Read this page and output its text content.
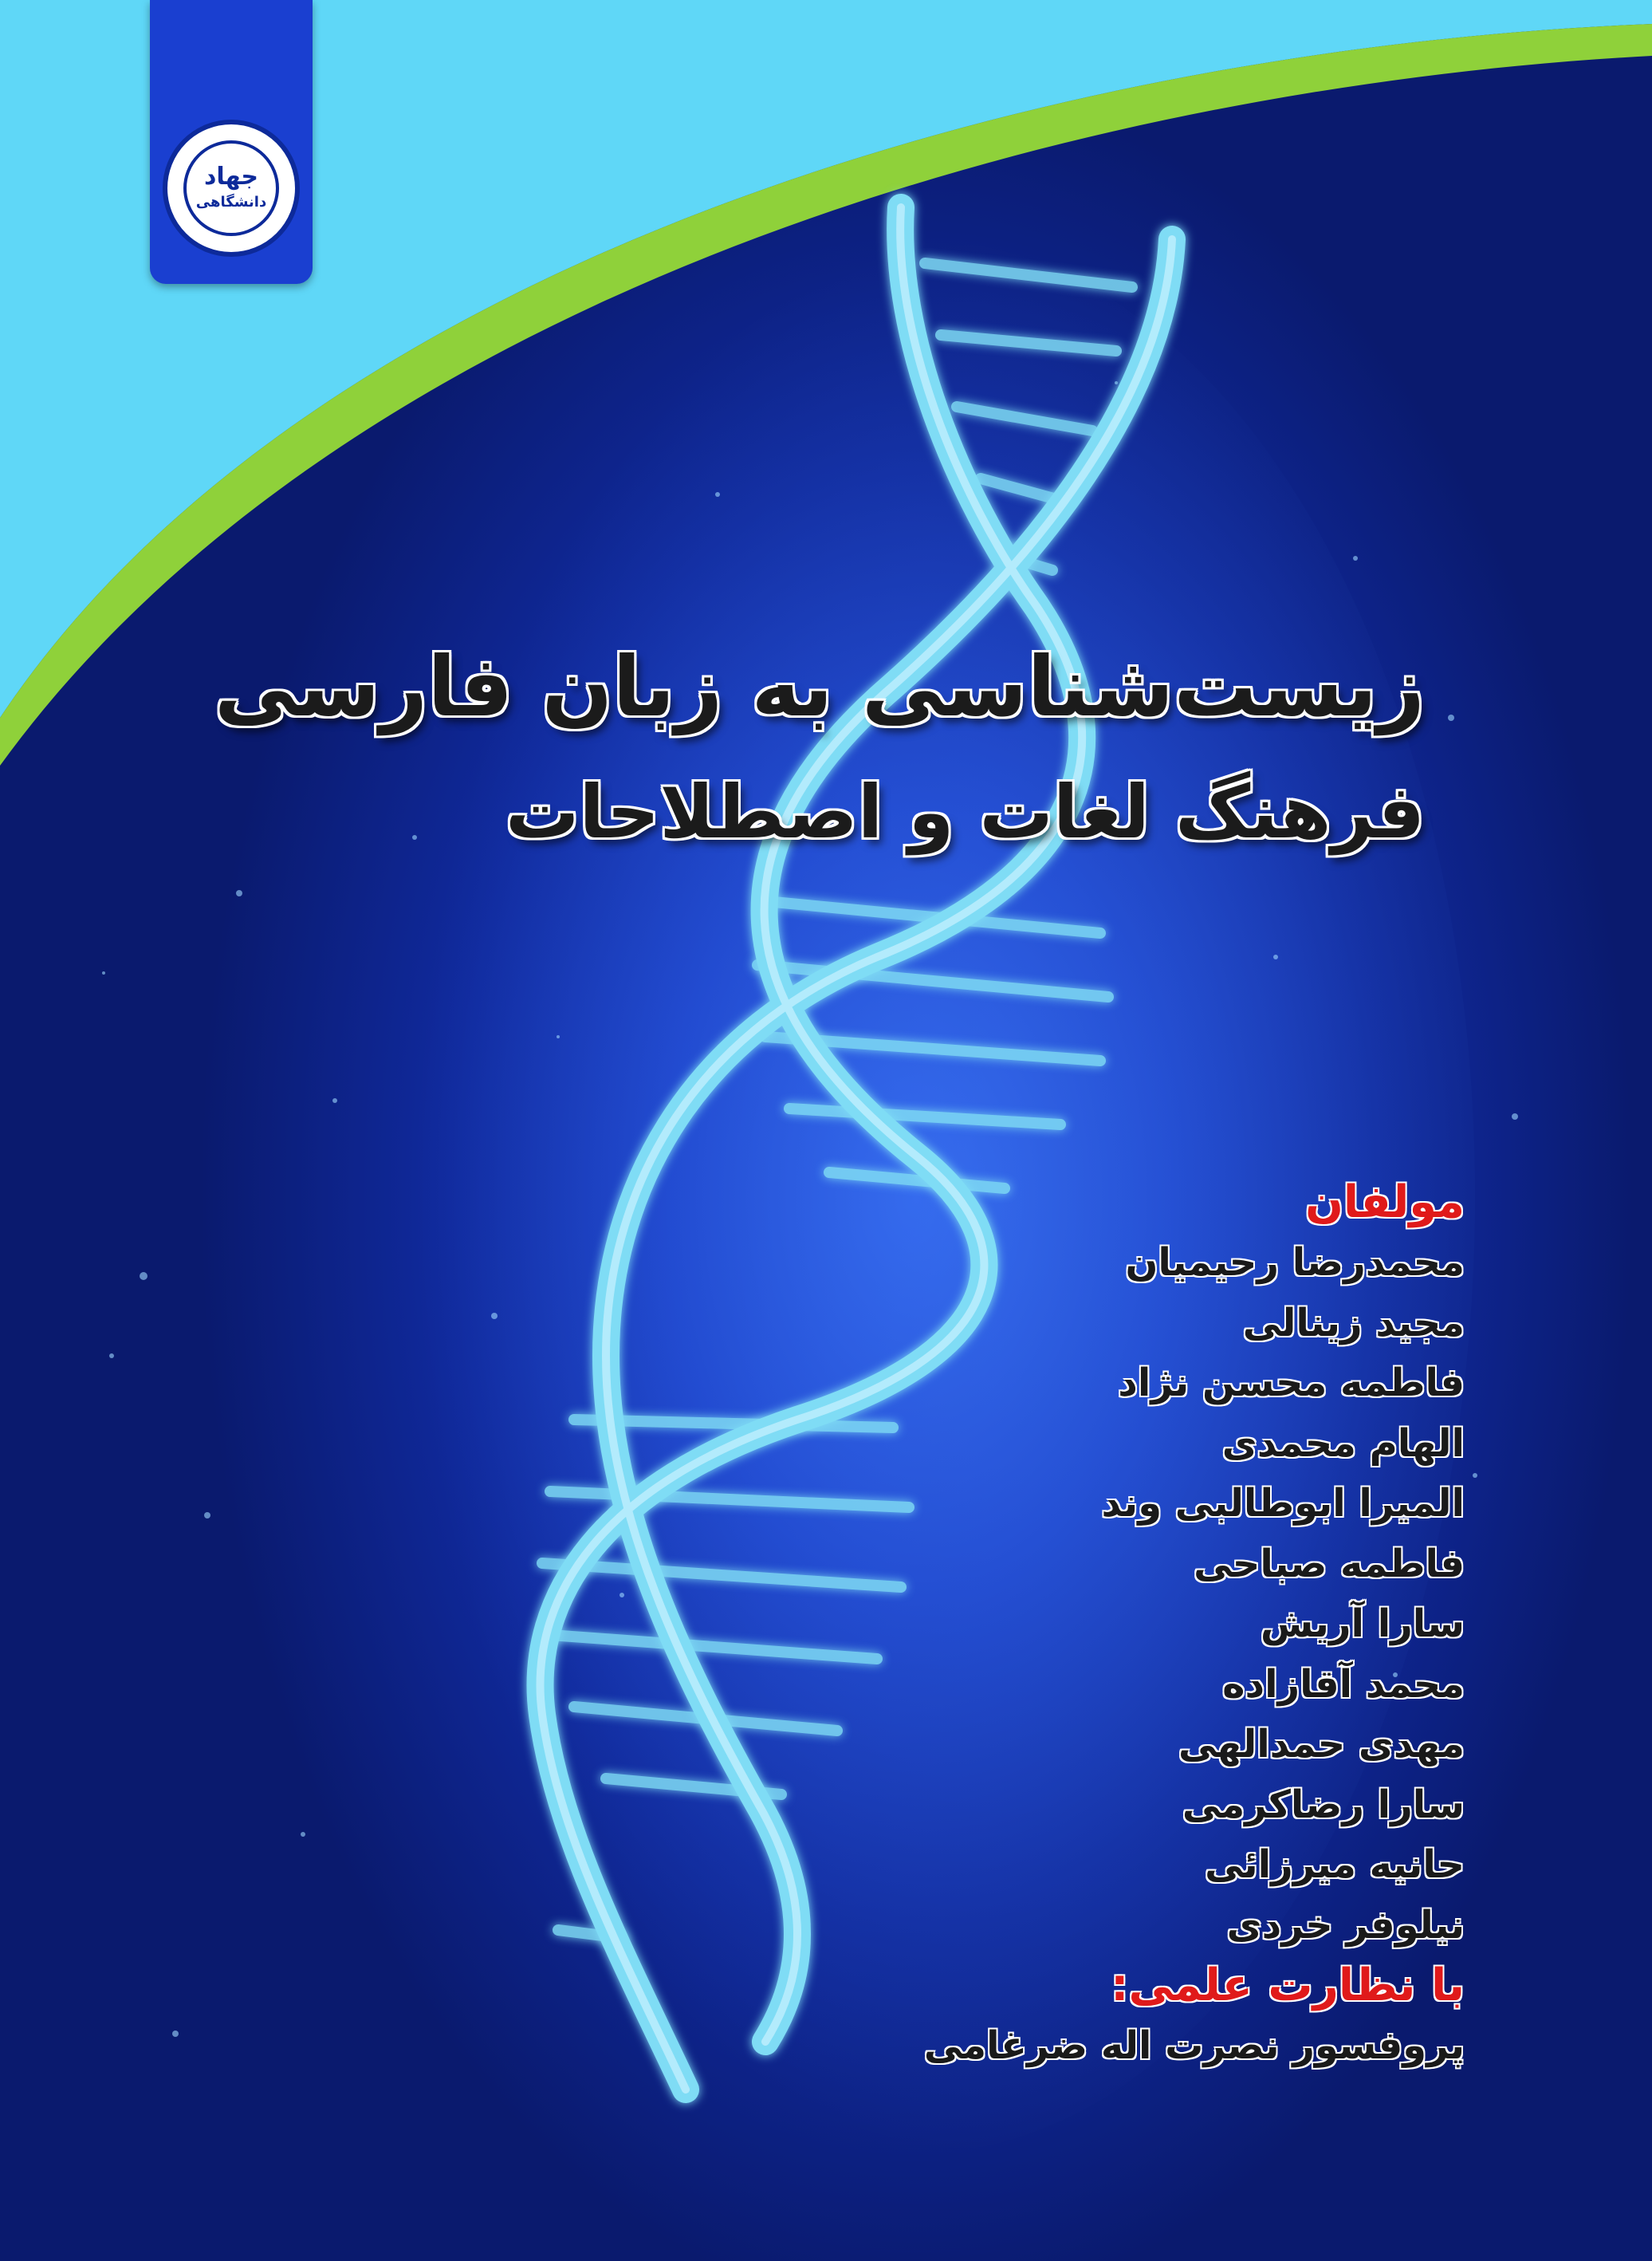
جهاد
دانشگاهی
زیست‌شناسی به زبان فارسی
فرهنگ لغات و اصطلاحات
مولفان
محمدرضا رحیمیان
مجید زینالی
فاطمه محسن نژاد
الهام محمدی
المیرا ابوطالبی وند
فاطمه صباحی
سارا آریش
محمد آقازاده
مهدی حمدالهی
سارا رضاکرمی
حانیه میرزائی
نیلوفر خردی
با نظارت علمی:
پروفسور نصرت اله ضرغامی
